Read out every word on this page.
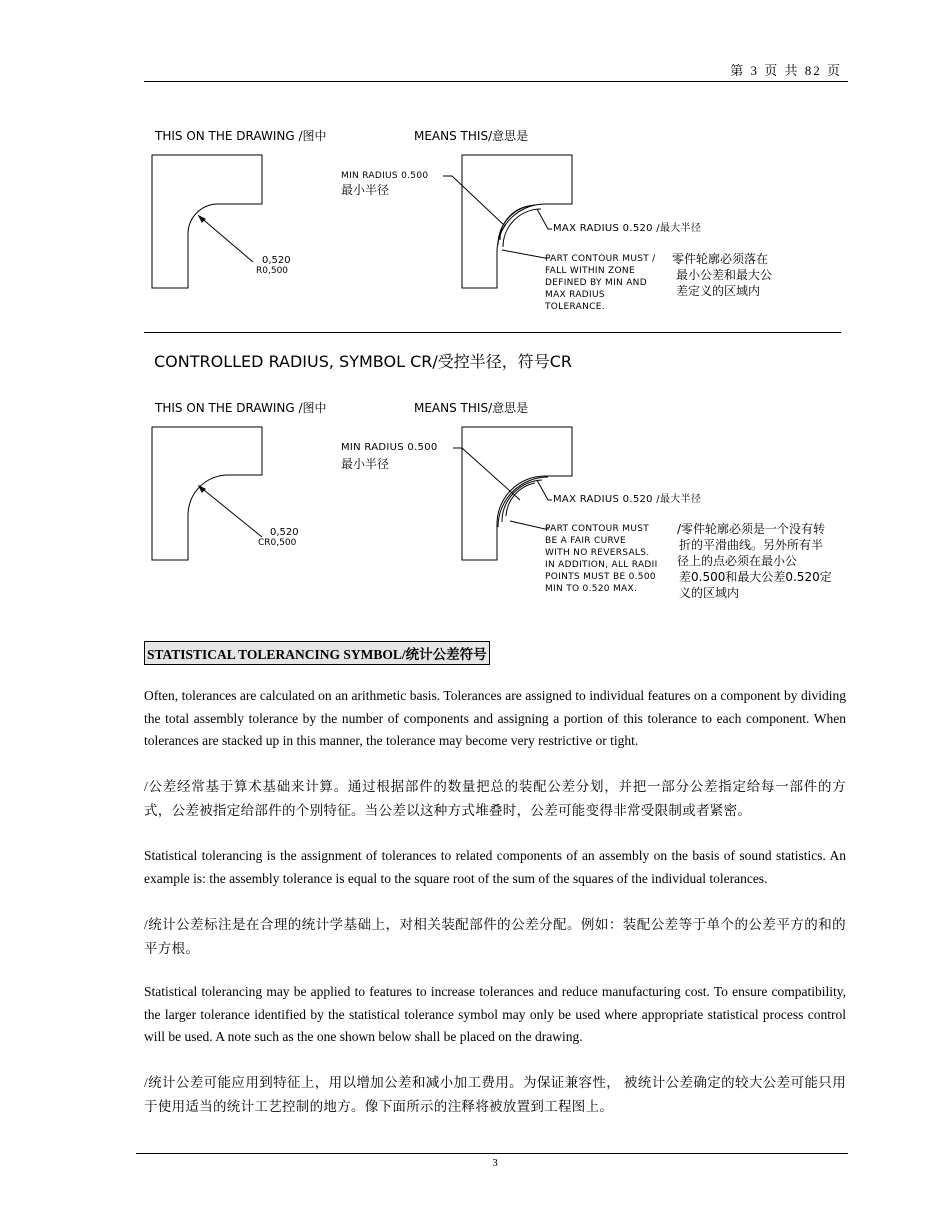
第 3 页 共 82 页
THIS ON THE DRAWING /图中	MEANS THIS/意思是
0,520
R0,500
MIN RADIUS 0.500
最小半径
MAX RADIUS 0.520 /最大半径
PART CONTOUR MUST /
FALL WITHIN ZONE
DEFINED BY MIN AND
MAX RADIUS
TOLERANCE.
零件轮廓必须落在
最小公差和最大公
差定义的区域内
CONTROLLED RADIUS, SYMBOL CR/受控半径，符号CR
THIS ON THE DRAWING /图中	MEANS THIS/意思是
0,520
CR0,500
MIN RADIUS 0.500
最小半径
MAX RADIUS 0.520 /最大半径
PART CONTOUR MUST
BE A FAIR CURVE
WITH NO REVERSALS.
IN ADDITION, ALL RADII
POINTS MUST BE 0.500
MIN TO 0.520 MAX.
/零件轮廓必须是一个没有转
折的平滑曲线。另外所有半
径上的点必须在最小公
差0.500和最大公差0.520定
义的区域内
STATISTICAL TOLERANCING SYMBOL/统计公差符号
Often, tolerances are calculated on an arithmetic basis. Tolerances are assigned to individual features on a component by dividing the total assembly tolerance by the number of components and assigning a portion of this tolerance to each component. When tolerances are stacked up in this manner, the tolerance may become very restrictive or tight.
/公差经常基于算术基础来计算。通过根据部件的数量把总的装配公差分划，并把一部分公差指定给每一部件的方式，公差被指定给部件的个别特征。当公差以这种方式堆叠时，公差可能变得非常受限制或者紧密。
Statistical tolerancing is the assignment of tolerances to related components of an assembly on the basis of sound statistics. An example is: the assembly tolerance is equal to the square root of the sum of the squares of the individual tolerances.
/统计公差标注是在合理的统计学基础上，对相关装配部件的公差分配。例如：装配公差等于单个的公差平方的和的平方根。
Statistical tolerancing may be applied to features to increase tolerances and reduce manufacturing cost. To ensure compatibility, the larger tolerance identified by the statistical tolerance symbol may only be used where appropriate statistical process control will be used. A note such as the one shown below shall be placed on the drawing.
/统计公差可能应用到特征上，用以增加公差和减小加工费用。为保证兼容性， 被统计公差确定的较大公差可能只用于使用适当的统计工艺控制的地方。像下面所示的注释将被放置到工程图上。
3
